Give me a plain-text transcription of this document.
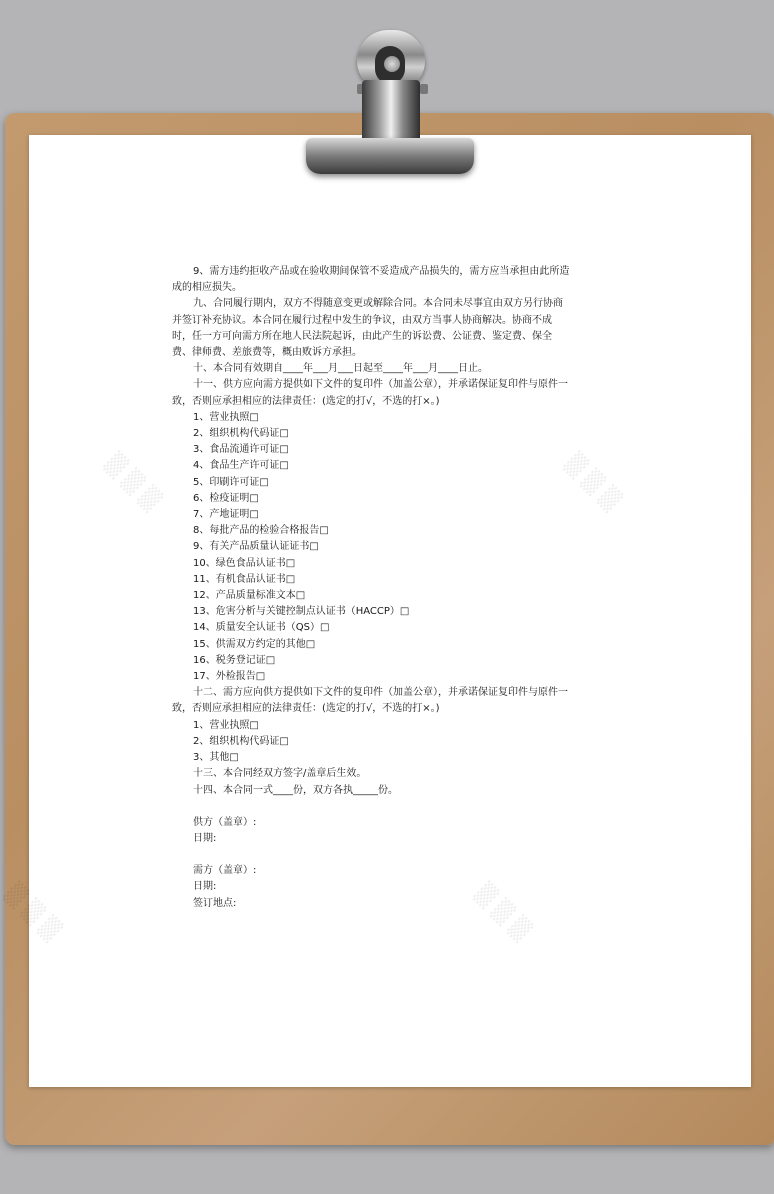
▒ ▒ ▒	▒ ▒ ▒
▒ ▒ ▒	▒ ▒ ▒

9、需方违约拒收产品或在验收期间保管不妥造成产品损失的，需方应当承担由此所造

成的相应损失。

九、合同履行期内，双方不得随意变更或解除合同。本合同未尽事宜由双方另行协商

并签订补充协议。本合同在履行过程中发生的争议，由双方当事人协商解决。协商不成

时，任一方可向需方所在地人民法院起诉，由此产生的诉讼费、公证费、鉴定费、保全

费、律师费、差旅费等，概由败诉方承担。

十、本合同有效期自____年___月___日起至____年___月____日止。

十一、供方应向需方提供如下文件的复印件（加盖公章），并承诺保证复印件与原件一

致，否则应承担相应的法律责任：(选定的打√，不选的打×。)

1、营业执照□

2、组织机构代码证□

3、食品流通许可证□

4、食品生产许可证□

5、印刷许可证□

6、检疫证明□

7、产地证明□

8、每批产品的检验合格报告□

9、有关产品质量认证证书□

10、绿色食品认证书□

11、有机食品认证书□

12、产品质量标准文本□

13、危害分析与关键控制点认证书（HACCP）□

14、质量安全认证书（QS）□

15、供需双方约定的其他□

16、税务登记证□

17、外检报告□

十二、需方应向供方提供如下文件的复印件（加盖公章），并承诺保证复印件与原件一

致，否则应承担相应的法律责任：(选定的打√，不选的打×。)

1、营业执照□

2、组织机构代码证□

3、其他□

十三、本合同经双方签字/盖章后生效。

十四、本合同一式____份，双方各执_____份。

供方（盖章）:

日期:

需方（盖章）:

日期:

签订地点:
